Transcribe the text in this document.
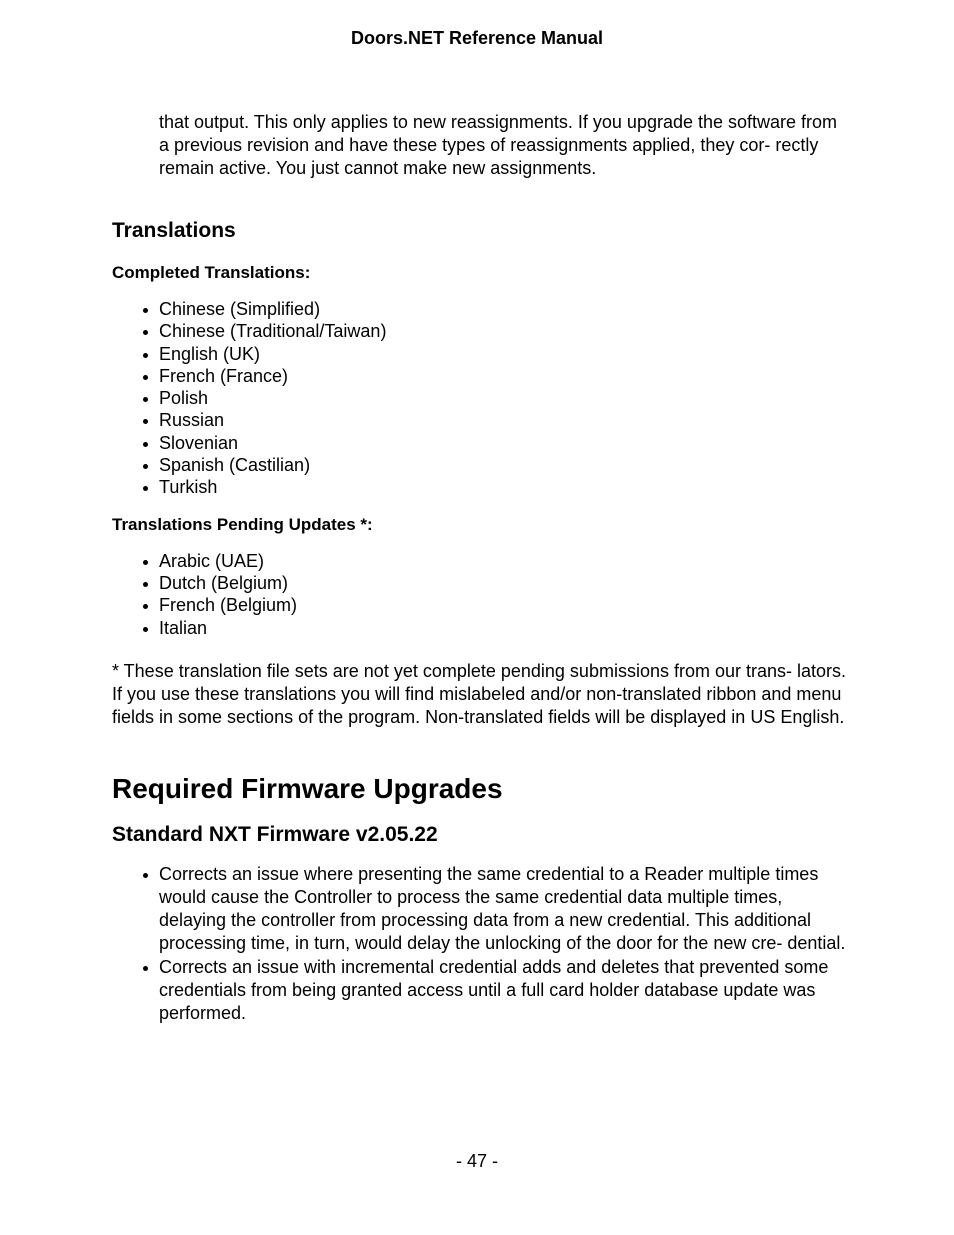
Doors.NET Reference Manual

that output. This only applies to new reassignments. If you upgrade the software from a previous revision and have these types of reassignments applied, they cor- rectly remain active. You just cannot make new assignments.

Translations
Completed Translations:
Chinese (Simplified)
Chinese (Traditional/Taiwan)
English (UK)
French (France)
Polish
Russian
Slovenian
Spanish (Castilian)
Turkish
Translations Pending Updates *:
Arabic (UAE)
Dutch (Belgium)
French (Belgium)
Italian

* These translation file sets are not yet complete pending submissions from our trans- lators. If you use these translations you will find mislabeled and/or non-translated ribbon and menu fields in some sections of the program. Non-translated fields will be displayed in US English.

Required Firmware Upgrades
Standard NXT Firmware v2.05.22
Corrects an issue where presenting the same credential to a Reader multiple times would cause the Controller to process the same credential data multiple times, delaying the controller from processing data from a new credential. This additional processing time, in turn, would delay the unlocking of the door for the new cre- dential.
Corrects an issue with incremental credential adds and deletes that prevented some credentials from being granted access until a full card holder database update was performed.
- 47 -
